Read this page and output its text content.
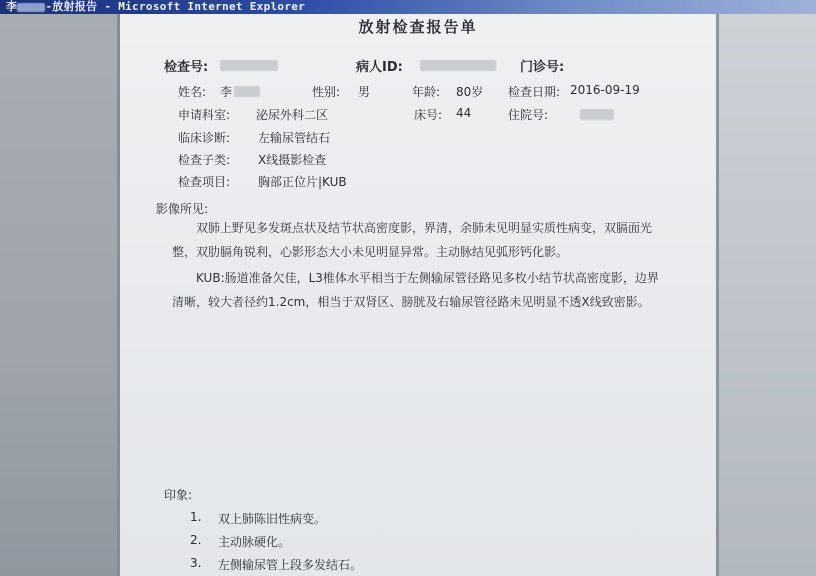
李	-放射报告 - Microsoft Internet Explorer
放射检查报告单
检查号:	病人ID:	门诊号:
姓名: 李	性别: 男	年龄: 80岁 检查日期: 2016-09-19
申请科室: 泌尿外科二区	床号: 44	住院号:
临床诊断: 左输尿管结石
检查子类: X线摄影检查
检查项目: 胸部正位片|KUB
影像所见:
双肺上野见多发斑点状及结节状高密度影，界清，余肺未见明显实质性病变，双膈面光
整，双肋膈角锐利，心影形态大小未见明显异常。主动脉结见弧形钙化影。
KUB:肠道准备欠佳，L3椎体水平相当于左侧输尿管径路见多枚小结节状高密度影，边界
清晰，较大者径约1.2cm，相当于双肾区、膀胱及右输尿管径路未见明显不透X线致密影。
印象:
1. 双上肺陈旧性病变。
2. 主动脉硬化。
3. 左侧输尿管上段多发结石。
